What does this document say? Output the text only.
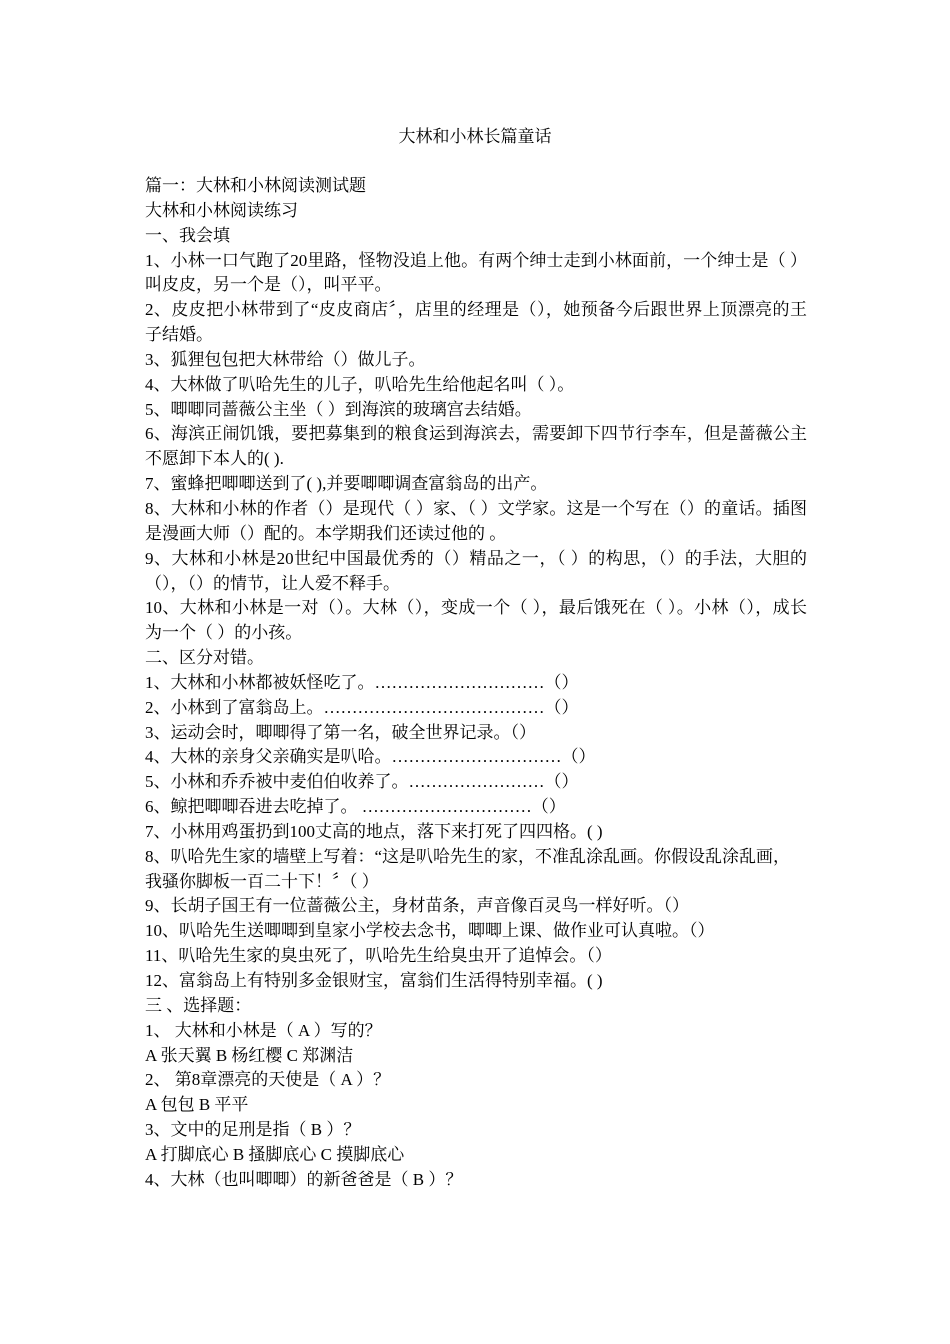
大林和小林长篇童话
篇一：大林和小林阅读测试题
大林和小林阅读练习
一、我会填
1、小林一口气跑了20里路，怪物没追上他。有两个绅士走到小林面前，一个绅士是（ ）叫皮皮，另一个是（），叫平平。
2、皮皮把小林带到了“皮皮商店〞，店里的经理是（），她预备今后跟世界上顶漂亮的王子结婚。
3、狐狸包包把大林带给（）做儿子。
4、大林做了叭哈先生的儿子，叭哈先生给他起名叫（ ）。
5、唧唧同蔷薇公主坐（ ）到海滨的玻璃宫去结婚。
6、海滨正闹饥饿，要把募集到的粮食运到海滨去，需要卸下四节行李车，但是蔷薇公主不愿卸下本人的( ).
7、蜜蜂把唧唧送到了( ),并要唧唧调查富翁岛的出产。
8、大林和小林的作者（）是现代（ ）家、（ ）文学家。这是一个写在（）的童话。插图是漫画大师（）配的。本学期我们还读过他的 。
9、大林和小林是20世纪中国最优秀的（）精品之一，（ ）的构思，（）的手法，大胆的（），（）的情节，让人爱不释手。
10、大林和小林是一对（）。大林（），变成一个（ ），最后饿死在（ ）。小林（），成长为一个（ ）的小孩。
二、区分对错。
1、大林和小林都被妖怪吃了。…………………………（）
2、小林到了富翁岛上。…………………………………（）
3、运动会时，唧唧得了第一名，破全世界记录。（）
4、大林的亲身父亲确实是叭哈。…………………………（）
5、小林和乔乔被中麦伯伯收养了。……………………（）
6、鲸把唧唧吞进去吃掉了。 …………………………（）
7、小林用鸡蛋扔到100丈高的地点，落下来打死了四四格。( )
8、叭哈先生家的墙壁上写着：“这是叭哈先生的家，不准乱涂乱画。你假设乱涂乱画，
我骚你脚板一百二十下！〞（ ）
9、长胡子国王有一位蔷薇公主，身材苗条，声音像百灵鸟一样好听。（）
10、叭哈先生送唧唧到皇家小学校去念书，唧唧上课、做作业可认真啦。（）
11、叭哈先生家的臭虫死了，叭哈先生给臭虫开了追悼会。（）
12、富翁岛上有特别多金银财宝，富翁们生活得特别幸福。( )
三 、选择题：
1、 大林和小林是（ A ）写的？
A 张天翼 B 杨红樱 C 郑渊洁
2、 第8章漂亮的天使是（ A ）？
A 包包 B 平平
3、文中的足刑是指（ B ）？
A 打脚底心 B 搔脚底心 C 摸脚底心
4、大林（也叫唧唧）的新爸爸是（ B ）？
